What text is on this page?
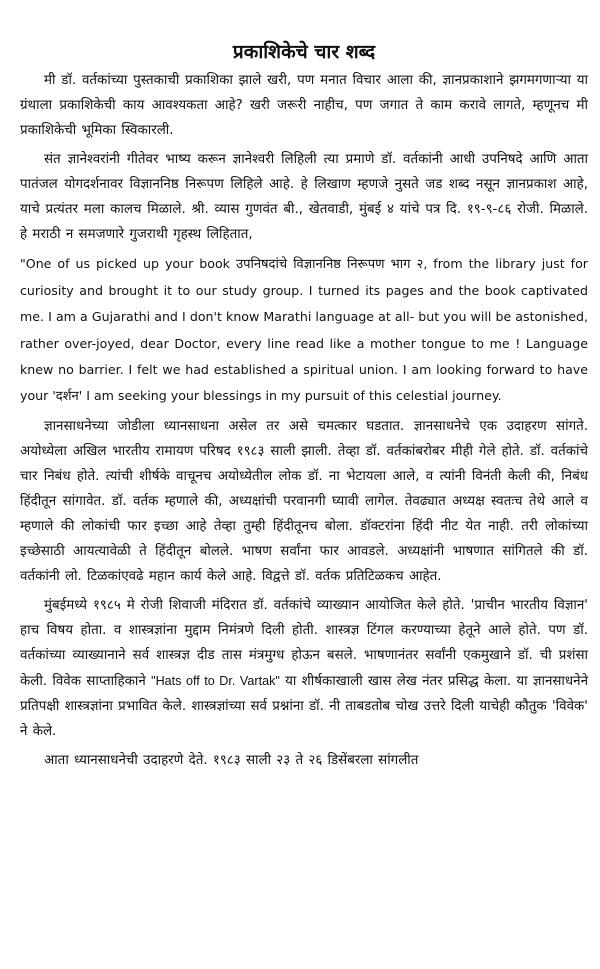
प्रकाशिकेचे चार शब्द

मी डॉ. वर्तकांच्या पुस्तकाची प्रकाशिका झाले खरी, पण मनात विचार आला की, ज्ञानप्रकाशाने झगमगणाऱ्या या ग्रंथाला प्रकाशिकेची काय आवश्यकता आहे? खरी जरूरी नाहीच, पण जगात ते काम करावे लागते, म्हणूनच मी प्रकाशिकेची भूमिका स्विकारली.

संत ज्ञानेश्वरांनी गीतेवर भाष्य करून ज्ञानेश्वरी लिहिली त्या प्रमाणे डॉ. वर्तकांनी आधी उपनिषदे आणि आता पातंजल योगदर्शनावर विज्ञाननिष्ठ निरूपण लिहिले आहे. हे लिखाण म्हणजे नुसते जड शब्द नसून ज्ञानप्रकाश आहे, याचे प्रत्यंतर मला कालच मिळाले. श्री. व्यास गुणवंत बी., खेतवाडी, मुंबई ४ यांचे पत्र दि. १९-९-८६ रोजी. मिळाले. हे मराठी न समजणारे गुजराथी गृहस्थ लिहितात,

"One of us picked up your book उपनिषदांचे विज्ञाननिष्ठ निरूपण भाग २, from the library just for curiosity and brought it to our study group. I turned its pages and the book captivated me. I am a Gujarathi and I don't know Marathi language at all- but you will be astonished, rather over-joyed, dear Doctor, every line read like a mother tongue to me ! Language knew no barrier. I felt we had established a spiritual union. I am looking forward to have your 'दर्शन' I am seeking your blessings in my pursuit of this celestial journey.

ज्ञानसाधनेच्या जोडीला ध्यानसाधना असेल तर असे चमत्कार घडतात. ज्ञानसाधनेचे एक उदाहरण सांगते. अयोध्येला अखिल भारतीय रामायण परिषद १९८३ साली झाली. तेव्हा डॉ. वर्तकांबरोबर मीही गेले होते. डॉ. वर्तकांचे चार निबंध होते. त्यांची शीर्षके वाचूनच अयोध्येतील लोक डॉ. ना भेटायला आले, व त्यांनी विनंती केली की, निबंध हिंदीतून सांगावेत. डॉ. वर्तक म्हणाले की, अध्यक्षांची परवानगी घ्यावी लागेल. तेवढ्यात अध्यक्ष स्वतःच तेथे आले व म्हणाले की लोकांची फार इच्छा आहे तेव्हा तुम्ही हिंदीतूनच बोला. डॉक्टरांना हिंदी नीट येत नाही. तरी लोकांच्या इच्छेसाठी आयत्यावेळी ते हिंदीतून बोलले. भाषण सर्वांना फार आवडले. अध्यक्षांनी भाषणात सांगितले की डॉ. वर्तकांनी लो. टिळकांएवढे महान कार्य केले आहे. विद्वत्ते डॉ. वर्तक प्रतिटिळकच आहेत.

मुंबईमध्ये १९८५ मे रोजी शिवाजी मंदिरात डॉ. वर्तकांचे व्याख्यान आयोजित केले होते. 'प्राचीन भारतीय विज्ञान' हाच विषय होता. व शास्त्रज्ञांना मुद्दाम निमंत्रणे दिली होती. शास्त्रज्ञ टिंगल करण्याच्या हेतूने आले होते. पण डॉ. वर्तकांच्या व्याख्यानाने सर्व शास्त्रज्ञ दीड तास मंत्रमुग्ध होऊन बसले. भाषणानंतर सर्वांनी एकमुखाने डॉ. ची प्रशंसा केली. विवेक साप्ताहिकाने "Hats off to Dr. Vartak" या शीर्षकाखाली खास लेख नंतर प्रसिद्ध केला. या ज्ञानसाधनेने प्रतिपक्षी शास्त्रज्ञांना प्रभावित केले. शास्त्रज्ञांच्या सर्व प्रश्नांना डॉ. नी ताबडतोब चोख उत्तरे दिली याचेही कौतुक 'विवेक' ने केले.

आता ध्यानसाधनेची उदाहरणे देते. १९८३ साली २३ ते २६ डिसेंबरला सांगलीत
